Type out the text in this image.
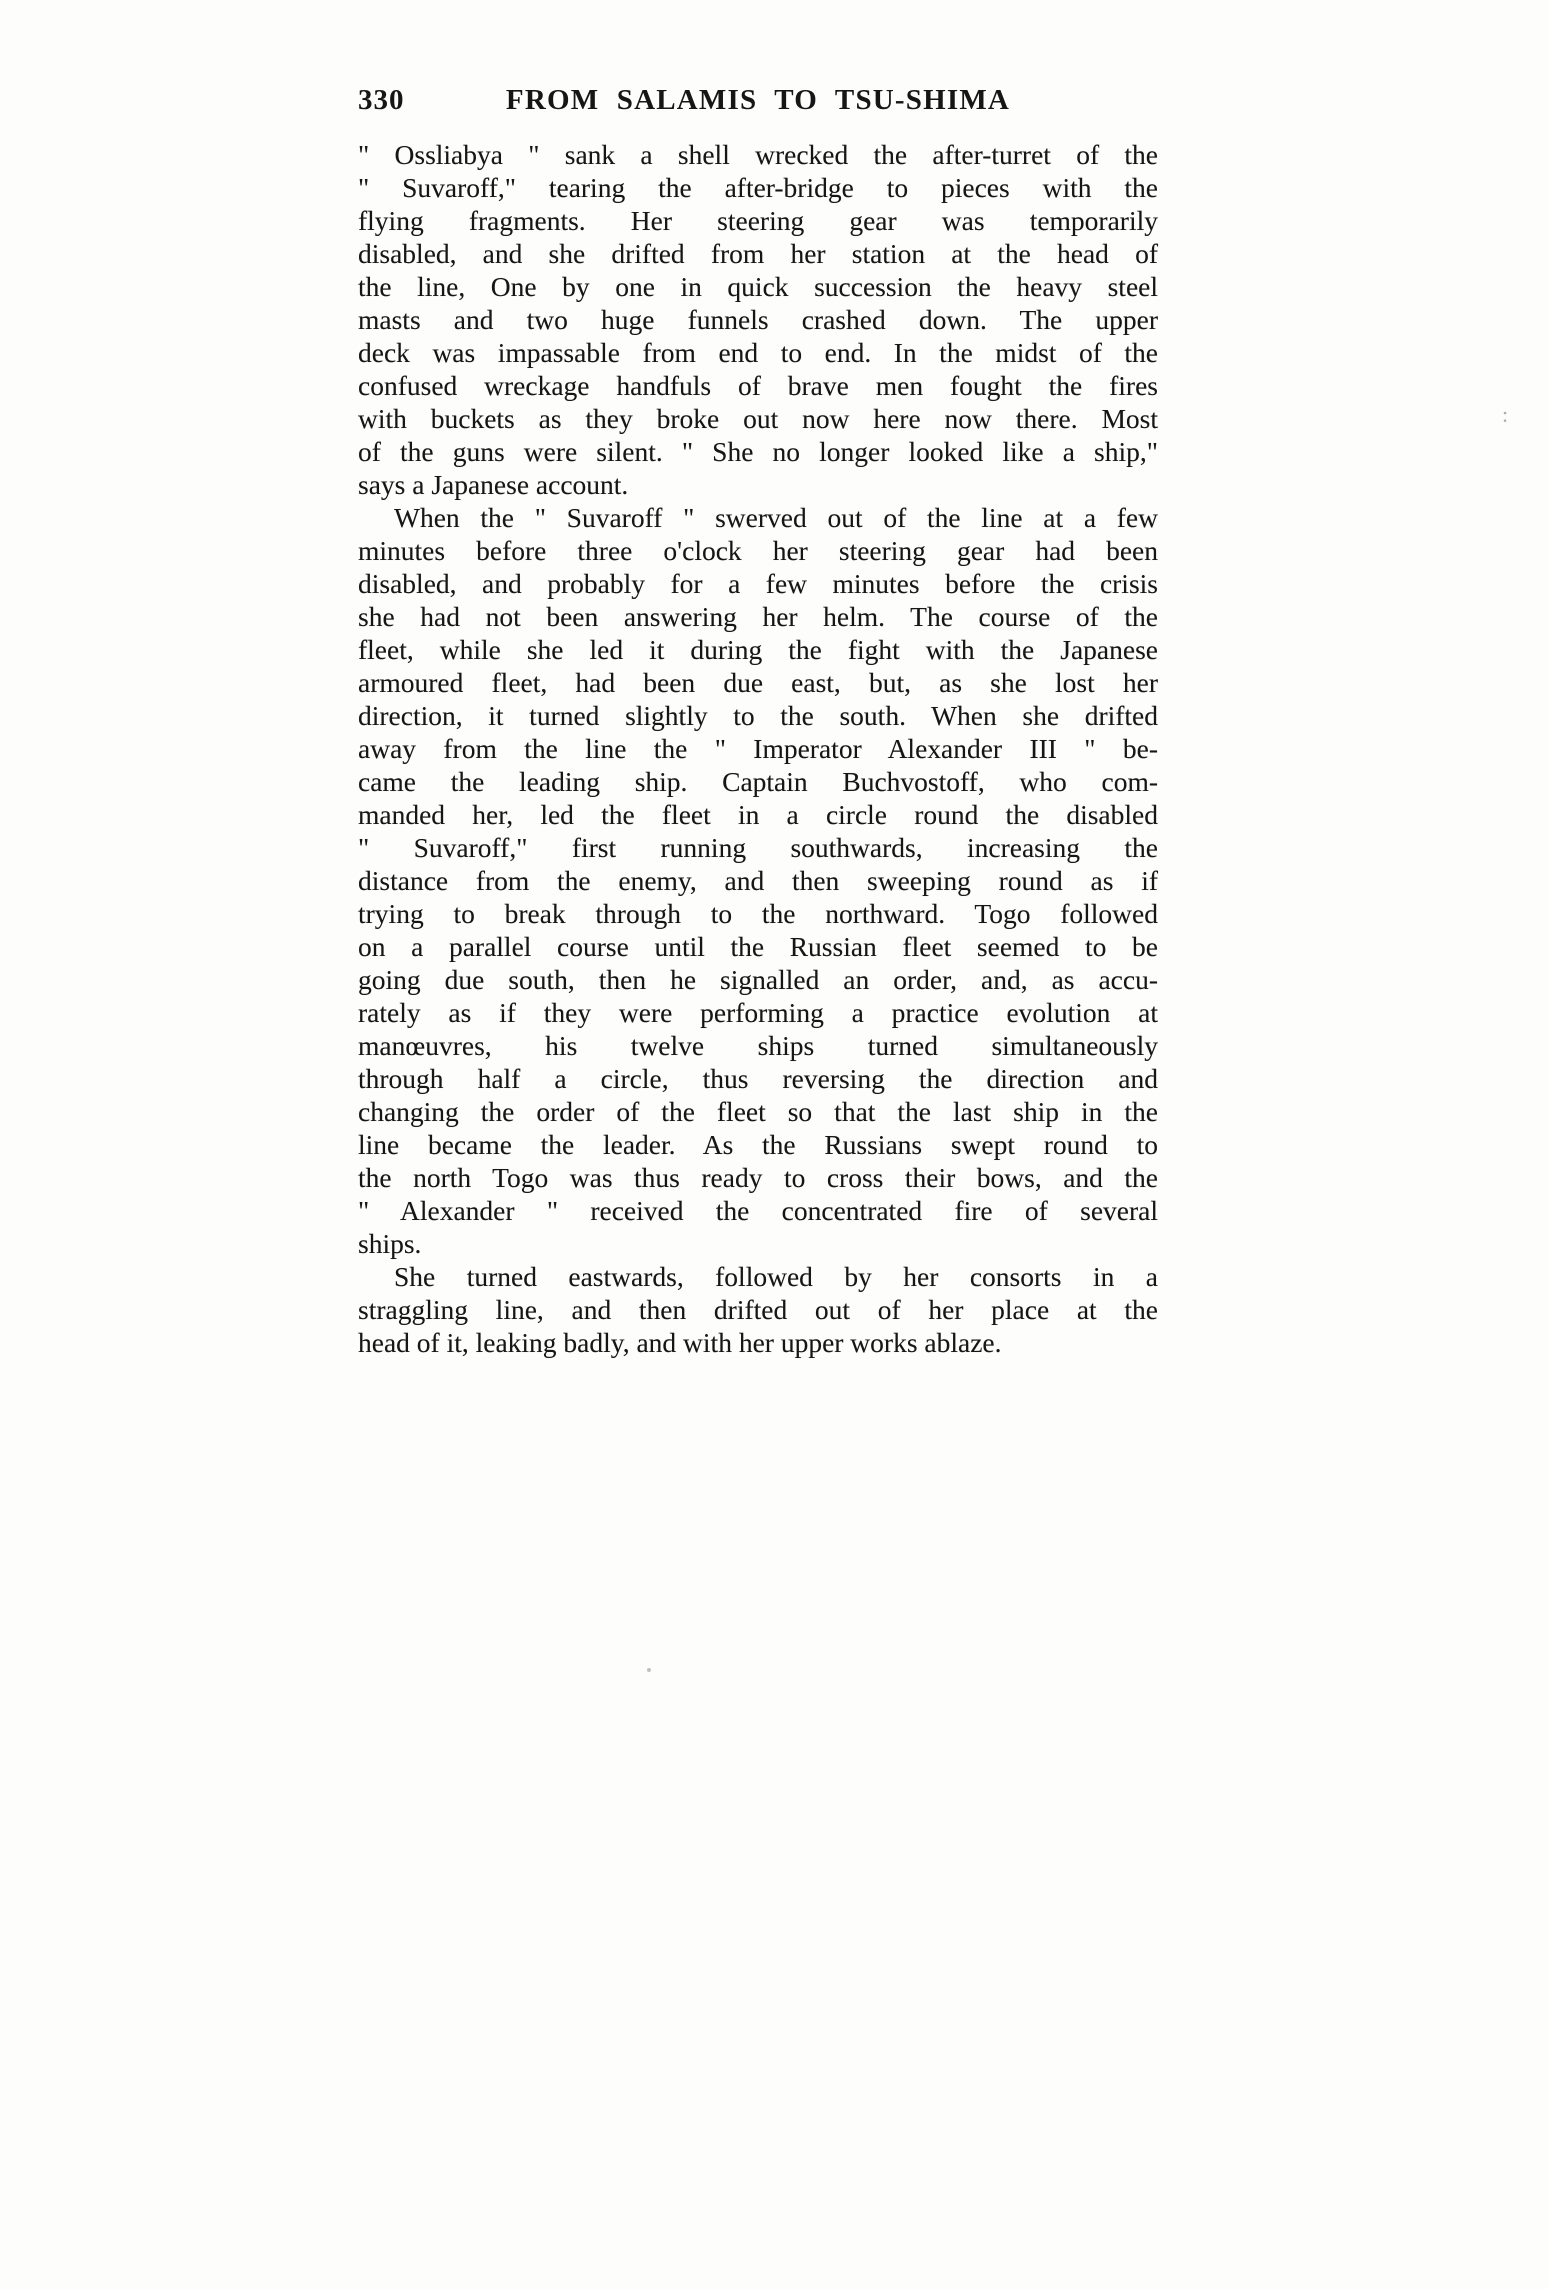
330	FROM SALAMIS TO TSU-SHIMA
" Ossliabya " sank a shell wrecked the after-turret of the
" Suvaroff," tearing the after-bridge to pieces with the
flying fragments. Her steering gear was temporarily
disabled, and she drifted from her station at the head of
the line, One by one in quick succession the heavy steel
masts and two huge funnels crashed down. The upper
deck was impassable from end to end. In the midst of the
confused wreckage handfuls of brave men fought the fires
with buckets as they broke out now here now there. Most
of the guns were silent. " She no longer looked like a ship,"
says a Japanese account.
When the " Suvaroff " swerved out of the line at a few
minutes before three o'clock her steering gear had been
disabled, and probably for a few minutes before the crisis
she had not been answering her helm. The course of the
fleet, while she led it during the fight with the Japanese
armoured fleet, had been due east, but, as she lost her
direction, it turned slightly to the south. When she drifted
away from the line the " Imperator Alexander III " be-
came the leading ship. Captain Buchvostoff, who com-
manded her, led the fleet in a circle round the disabled
" Suvaroff," first running southwards, increasing the
distance from the enemy, and then sweeping round as if
trying to break through to the northward. Togo followed
on a parallel course until the Russian fleet seemed to be
going due south, then he signalled an order, and, as accu-
rately as if they were performing a practice evolution at
manœuvres, his twelve ships turned simultaneously
through half a circle, thus reversing the direction and
changing the order of the fleet so that the last ship in the
line became the leader. As the Russians swept round to
the north Togo was thus ready to cross their bows, and the
" Alexander " received the concentrated fire of several
ships.
She turned eastwards, followed by her consorts in a
straggling line, and then drifted out of her place at the
head of it, leaking badly, and with her upper works ablaze.
:
